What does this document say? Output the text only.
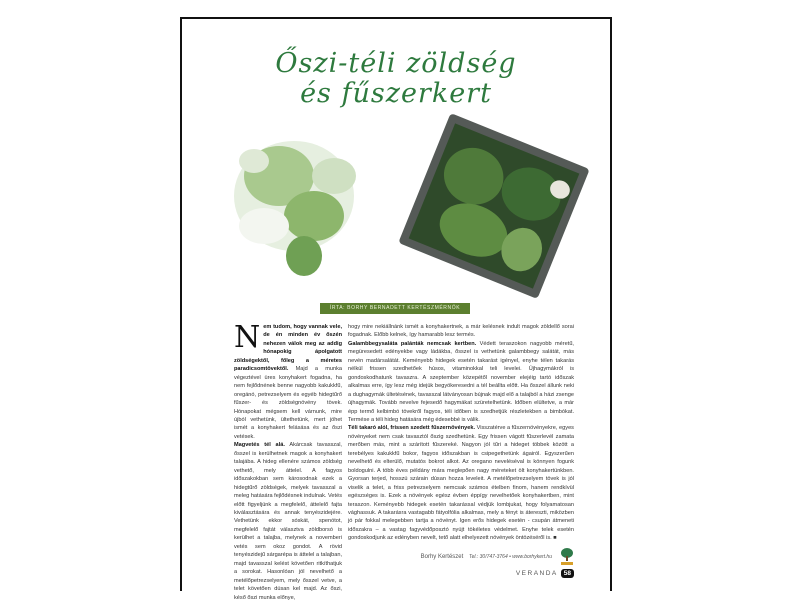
Őszi-téli zöldség
és fűszerkert
ÍRTA: BORHY BERNADETT KERTÉSZMÉRNÖK

Nem tudom, hogy vannak vele, de én minden év őszén nehezen válok meg az addig hónapokig ápolgatott zöldségektől, főleg a méretes paradicsomtövektől. Majd a munka végeztével üres konyhakert fogadna, ha nem fejlődnének benne nagyobb kakukkfű, oregánó, petrezselyem és egyéb hidegtűrő fűszer- és zöldségnövény tövek. Hónapokat mégsem kell várnunk, mire újból vethetünk, ültethetünk, mert jöhet ismét a konyhakert felásása és az őszi vetések.

Magvetés tél alá. Akárcsak tavasszal, ősszel is kerülhetnek magok a konyhakert talajába. A hideg ellenére számos zöldség vethető, mely áttelel. A fagyos időszakokban sem károsodnak ezek a hidegtűrő zöldségek, melyek tavasszal a meleg hatására fejlődésnek indulnak. Vetés előtt figyeljünk a megfelelő, áttelelő fajta kiválasztására és annak tenyészidejére. Vethetünk ekkor sóskát, spenótot, megfelelő fajtát választva zöldborsó is kerülhet a talajba, melynek a novemberi vetés sem okoz gondot. A rövid tenyészidejű sárgarépa is áttelel a talajban, majd tavasszal kelést követően ritkíthatjuk a sorokat. Hasonlóan jól nevelhető a metélőpetrezselyem, mely ősszel vetve, a telet követően dúsan kel majd. Az őszi, késő őszi munka előnye,

hogy mire nekiállnánk ismét a konyhakertnek, a már kelésnek indult magok zöldellő sorai fogadnak. Előbb kelnek, így hamarabb lesz termés.

Galambbegysaláta palánták nemcsak kertben. Védett teraszokon nagyobb méretű, megüresedett edényekbe vagy ládákba, ősszel is vethetünk galambbegy salátát, más nevén madársalátát. Keményebb hidegek esetén takarást igényel, enyhe télen takarás nélkül frissen szedhetőek húsos, vitaminokkal teli levelei. Újhagymákról is gondoskodhatunk tavaszra. A szeptember közepétől november elejéig tartó időszak alkalmas erre, így lesz még idejük begyökeresedni a tél beállta előtt. Ha ősszel állunk neki a dughagymák ültetésének, tavasszal látványosan bújnak majd elő a talajból a házi zsenge újhagymák. Tovább nevelve fejesedő hagymákat szüretelhetünk. Időben elültetve, a már épp termő kelbimbó tövekről fagyos, téli időben is szedhetjük részletekben a bimbókat. Termése a téli hideg hatására még édesebbé is válik.

Téli takaró alól, frissen szedett fűszernövények. Visszatérve a fűszernövényekre, egyes növényeket nem csak tavasztól őszig szedhetünk. Egy frissen vágott fűszerlevél zamata merőben más, mint a szárított fűszereké. Nagyon jól tűri a hideget többek között a terebélyes kakukkfű bokor, fagyos időszakban is csipegethetünk ágairól. Egyszerűen nevelhető és elterülő, mutatós bokrot alkot. Az oregano neveléséval is könnyen fogunk boldogulni. A több éves példány mára meglepően nagy méreteket ölt konyhakertünkben. Gyorsan terjed, hosszú szárain dúsan hozza leveleit. A metélőpetrezselyem tövek is jól viselik a telet, a friss petrezselyem nemcsak számos ételben finom, hanem rendkívül egészséges is. Ezek a növények egész évben éppígy nevelhetőek konyhakertben, mint teraszon. Keményebb hidegek esetén takarással védjük lombjukat, hogy folyamatosan vághassuk. A takarásra vastagabb fátyolfólia alkalmas, mely a fényt is átereszti, miközben jó pár fokkal melegebben tartja a növényt. Igen erős hidegek esetén - csupán átmeneti időszakra – a vastag fagyvédőposztó nyújt tökéletes védelmet. Enyhe telek esetén gondoskodjunk az edényben nevelt, tető alatt elhelyezett növények öntözéséről is. ■

Borhy Kertészet Tel.: 30/747-3764 • www.borhykert.hu
VERANDA 58
